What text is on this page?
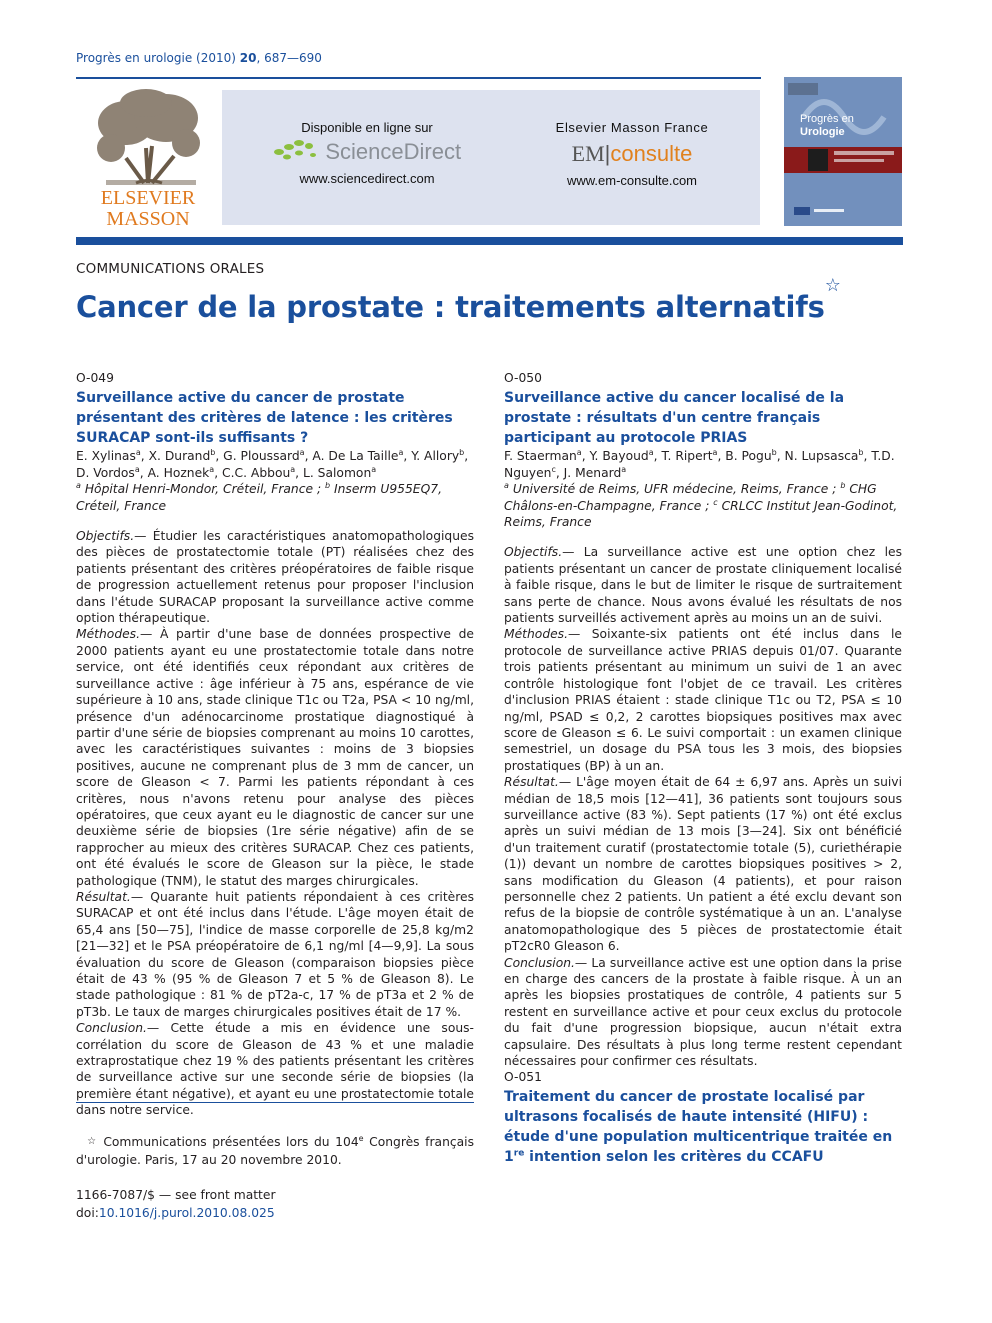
Progrès en urologie (2010) 20, 687—690
ELSEVIER
MASSON
Disponible en ligne sur
ScienceDirect
www.sciencedirect.com
Elsevier Masson France
EM|consulte
www.em-consulte.com
Progrès en
Urologie
COMMUNICATIONS ORALES
Cancer de la prostate : traitements alternatifs☆
O-049
Surveillance active du cancer de prostate présentant des critères de latence : les critères SURACAP sont-ils suffisants ?
E. Xylinas$^a$, X. Durand$^b$, G. Ploussard$^a$, A. De La Taille$^a$, Y. Allory$^b$, D. Vordos$^a$, A. Hoznek$^a$, C.C. Abbou$^a$, L. Salomon$^a$
$^a$ Hôpital Henri-Mondor, Créteil, France ; $^b$ Inserm U955EQ7, Créteil, France

Objectifs.— Étudier les caractéristiques anatomopathologiques des pièces de prostatectomie totale (PT) réalisées chez des patients présentant des critères préopératoires de faible risque de progression actuellement retenus pour proposer l'inclusion dans l'étude SURACAP proposant la surveillance active comme option thérapeutique.

Méthodes.— À partir d'une base de données prospective de 2000 patients ayant eu une prostatectomie totale dans notre service, ont été identifiés ceux répondant aux critères de surveillance active : âge inférieur à 75 ans, espérance de vie supérieure à 10 ans, stade clinique T1c ou T2a, PSA < 10 ng/ml, présence d'un adénocarcinome prostatique diagnostiqué à partir d'une série de biopsies comprenant au moins 10 carottes, avec les caractéristiques suivantes : moins de 3 biopsies positives, aucune ne comprenant plus de 3 mm de cancer, un score de Gleason < 7. Parmi les patients répondant à ces critères, nous n'avons retenu pour analyse des pièces opératoires, que ceux ayant eu le diagnostic de cancer sur une deuxième série de biopsies (1re série négative) afin de se rapprocher au mieux des critères SURACAP. Chez ces patients, ont été évalués le score de Gleason sur la pièce, le stade pathologique (TNM), le statut des marges chirurgicales.

Résultat.— Quarante huit patients répondaient à ces critères SURACAP et ont été inclus dans l'étude. L'âge moyen était de 65,4 ans [50—75], l'indice de masse corporelle de 25,8 kg/m2 [21—32] et le PSA préopératoire de 6,1 ng/ml [4—9,9]. La sous évaluation du score de Gleason (comparaison biopsies pièce était de 43 % (95 % de Gleason 7 et 5 % de Gleason 8). Le stade pathologique : 81 % de pT2a-c, 17 % de pT3a et 2 % de pT3b. Le taux de marges chirurgicales positives était de 17 %.

Conclusion.— Cette étude a mis en évidence une sous-corrélation du score de Gleason de 43 % et une maladie extraprostatique chez 19 % des patients présentant les critères de surveillance active sur une seconde série de biopsies (la première étant négative), et ayant eu une prostatectomie totale dans notre service.

☆ Communications présentées lors du 104e Congrès français d'urologie. Paris, 17 au 20 novembre 2010.
1166-7087/$ — see front matter
doi:10.1016/j.purol.2010.08.025
O-050
Surveillance active du cancer localisé de la prostate : résultats d'un centre français participant au protocole PRIAS
F. Staerman$^a$, Y. Bayoud$^a$, T. Ripert$^a$, B. Pogu$^b$, N. Lupsasca$^b$, T.D. Nguyen$^c$, J. Menard$^a$
$^a$ Université de Reims, UFR médecine, Reims, France ; $^b$ CHG Châlons-en-Champagne, France ; $^c$ CRLCC Institut Jean-Godinot, Reims, France

Objectifs.— La surveillance active est une option chez les patients présentant un cancer de prostate cliniquement localisé à faible risque, dans le but de limiter le risque de surtraitement sans perte de chance. Nous avons évalué les résultats de nos patients surveillés activement après au moins un an de suivi.

Méthodes.— Soixante-six patients ont été inclus dans le protocole de surveillance active PRIAS depuis 01/07. Quarante trois patients présentant au minimum un suivi de 1 an avec contrôle histologique font l'objet de ce travail. Les critères d'inclusion PRIAS étaient : stade clinique T1c ou T2, PSA ≤ 10 ng/ml, PSAD ≤ 0,2, 2 carottes biopsiques positives max avec score de Gleason ≤ 6. Le suivi comportait : un examen clinique semestriel, un dosage du PSA tous les 3 mois, des biopsies prostatiques (BP) à un an.

Résultat.— L'âge moyen était de 64 ± 6,97 ans. Après un suivi médian de 18,5 mois [12—41], 36 patients sont toujours sous surveillance active (83 %). Sept patients (17 %) ont été exclus après un suivi médian de 13 mois [3—24]. Six ont bénéficié d'un traitement curatif (prostatectomie totale (5), curiethérapie (1)) devant un nombre de carottes biopsiques positives > 2, sans modification du Gleason (4 patients), et pour raison personnelle chez 2 patients. Un patient a été exclu devant son refus de la biopsie de contrôle systématique à un an. L'analyse anatomopathologique des 5 pièces de prostatectomie était pT2cR0 Gleason 6.

Conclusion.— La surveillance active est une option dans la prise en charge des cancers de la prostate à faible risque. À un an après les biopsies prostatiques de contrôle, 4 patients sur 5 restent en surveillance active et pour ceux exclus du protocole du fait d'une progression biopsique, aucun n'était extra capsulaire. Des résultats à plus long terme restent cependant nécessaires pour confirmer ces résultats.

O-051
Traitement du cancer de prostate localisé par ultrasons focalisés de haute intensité (HIFU) : étude d'une population multicentrique traitée en 1re intention selon les critères du CCAFU
